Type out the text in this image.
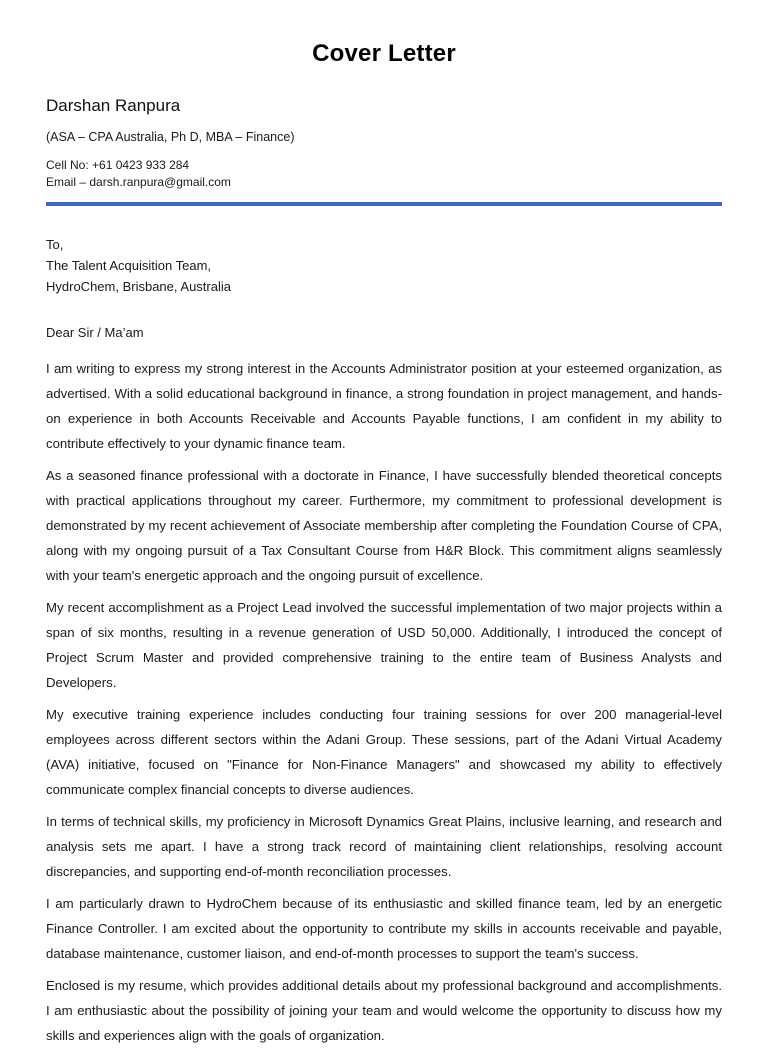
Cover Letter
Darshan Ranpura
(ASA – CPA Australia, Ph D, MBA – Finance)
Cell No: +61 0423 933 284
Email – darsh.ranpura@gmail.com
To,
The Talent Acquisition Team,
HydroChem, Brisbane, Australia
Dear Sir / Ma’am

I am writing to express my strong interest in the Accounts Administrator position at your esteemed organization, as advertised. With a solid educational background in finance, a strong foundation in project management, and hands-on experience in both Accounts Receivable and Accounts Payable functions, I am confident in my ability to contribute effectively to your dynamic finance team.

As a seasoned finance professional with a doctorate in Finance, I have successfully blended theoretical concepts with practical applications throughout my career. Furthermore, my commitment to professional development is demonstrated by my recent achievement of Associate membership after completing the Foundation Course of CPA, along with my ongoing pursuit of a Tax Consultant Course from H&R Block. This commitment aligns seamlessly with your team's energetic approach and the ongoing pursuit of excellence.

My recent accomplishment as a Project Lead involved the successful implementation of two major projects within a span of six months, resulting in a revenue generation of USD 50,000. Additionally, I introduced the concept of Project Scrum Master and provided comprehensive training to the entire team of Business Analysts and Developers.

My executive training experience includes conducting four training sessions for over 200 managerial-level employees across different sectors within the Adani Group. These sessions, part of the Adani Virtual Academy (AVA) initiative, focused on "Finance for Non-Finance Managers" and showcased my ability to effectively communicate complex financial concepts to diverse audiences.

In terms of technical skills, my proficiency in Microsoft Dynamics Great Plains, inclusive learning, and research and analysis sets me apart. I have a strong track record of maintaining client relationships, resolving account discrepancies, and supporting end-of-month reconciliation processes.

I am particularly drawn to HydroChem because of its enthusiastic and skilled finance team, led by an energetic Finance Controller. I am excited about the opportunity to contribute my skills in accounts receivable and payable, database maintenance, customer liaison, and end-of-month processes to support the team's success.

Enclosed is my resume, which provides additional details about my professional background and accomplishments. I am enthusiastic about the possibility of joining your team and would welcome the opportunity to discuss how my skills and experiences align with the goals of organization.
